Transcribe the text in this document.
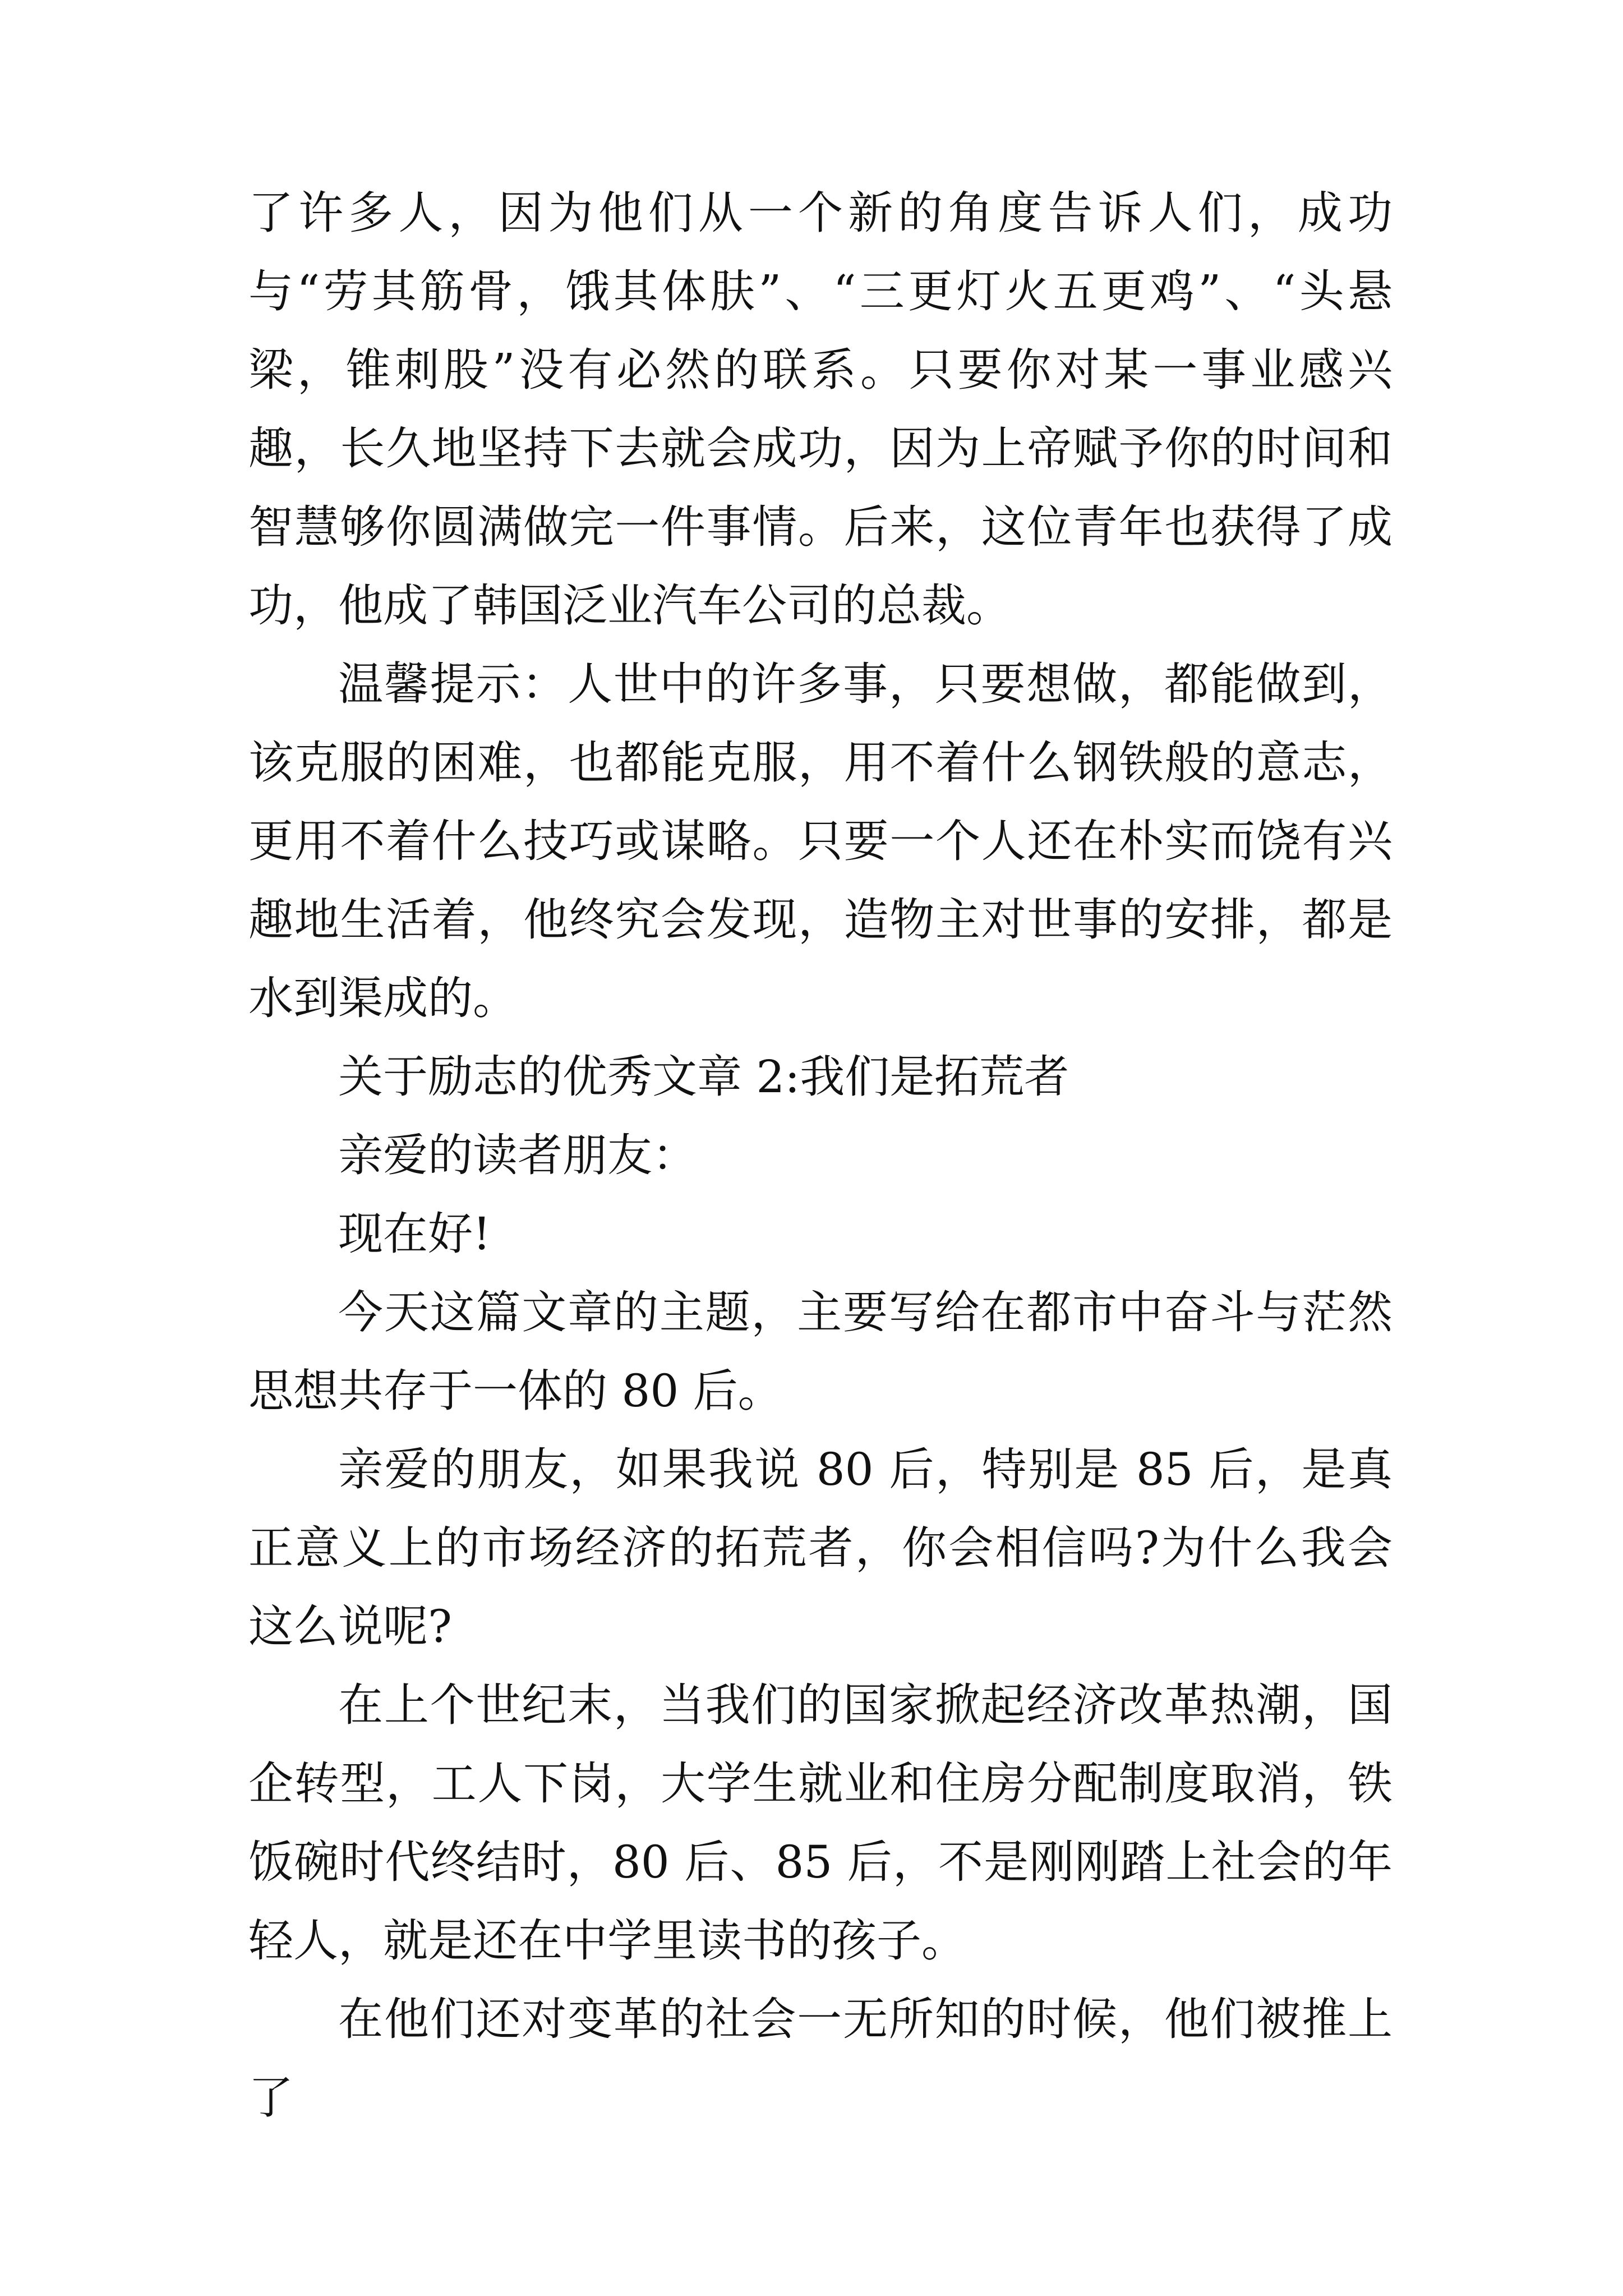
了许多人，因为他们从一个新的角度告诉人们，成功与“劳其筋骨，饿其体肤”、“三更灯火五更鸡”、“头悬梁，锥刺股”没有必然的联系。只要你对某一事业感兴趣，长久地坚持下去就会成功，因为上帝赋予你的时间和智慧够你圆满做完一件事情。后来，这位青年也获得了成功，他成了韩国泛业汽车公司的总裁。

温馨提示：人世中的许多事，只要想做，都能做到，该克服的困难，也都能克服，用不着什么钢铁般的意志，更用不着什么技巧或谋略。只要一个人还在朴实而饶有兴趣地生活着，他终究会发现，造物主对世事的安排，都是水到渠成的。

关于励志的优秀文章 2:我们是拓荒者

亲爱的读者朋友：

现在好!

今天这篇文章的主题，主要写给在都市中奋斗与茫然思想共存于一体的 80 后。

亲爱的朋友，如果我说 80 后，特别是 85 后，是真正意义上的市场经济的拓荒者，你会相信吗?为什么我会这么说呢?

在上个世纪末，当我们的国家掀起经济改革热潮，国企转型，工人下岗，大学生就业和住房分配制度取消，铁饭碗时代终结时，80 后、85 后，不是刚刚踏上社会的年轻人，就是还在中学里读书的孩子。

在他们还对变革的社会一无所知的时候，他们被推上了
